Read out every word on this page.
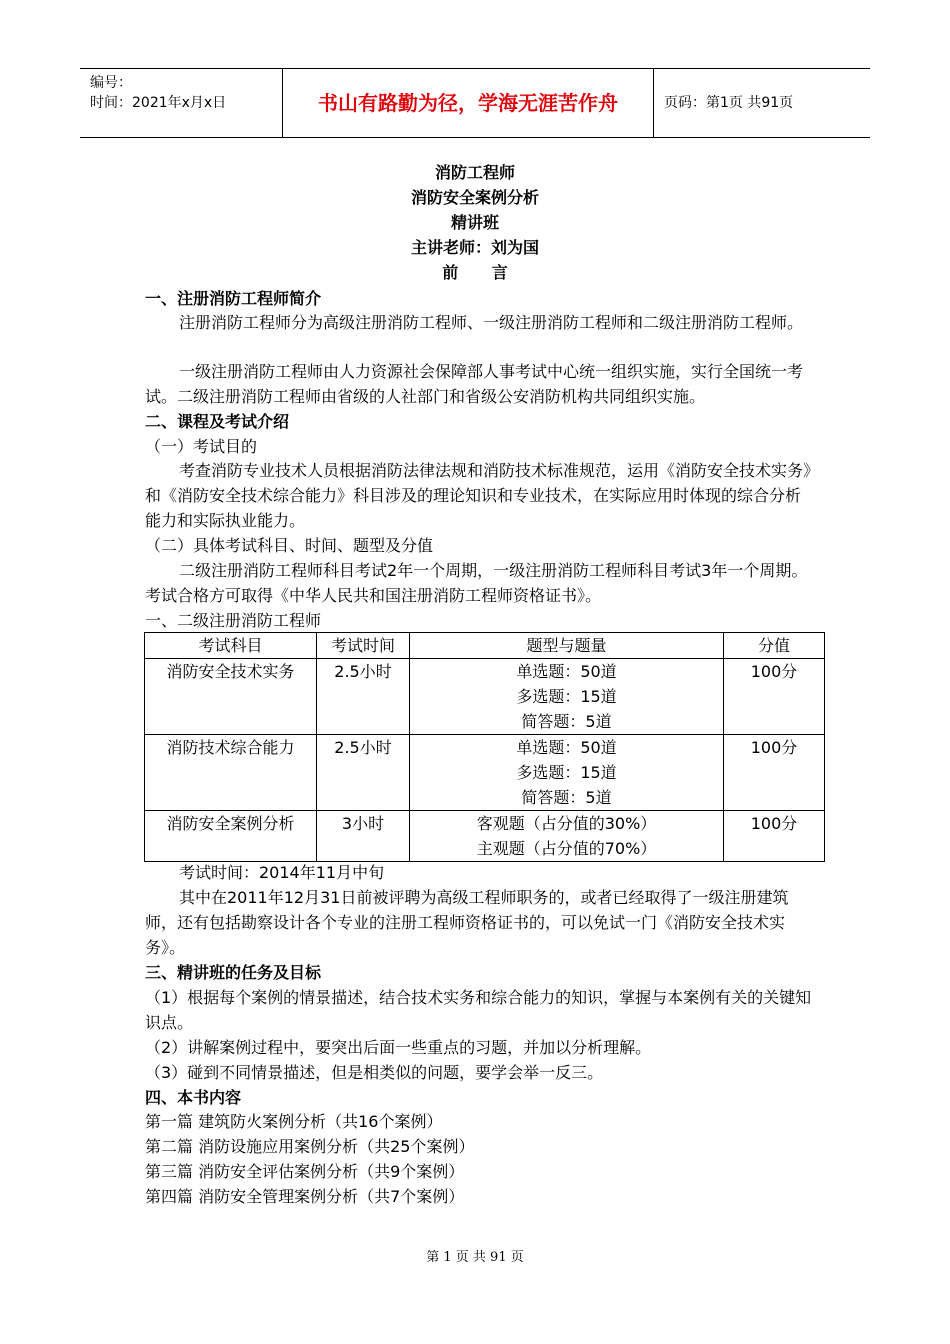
编号：
时间：2021年x月x日	书山有路勤为径，学海无涯苦作舟	页码：第1页 共91页
消防工程师
消防安全案例分析
精讲班
主讲老师：刘为国
前      言
一、注册消防工程师简介
注册消防工程师分为高级注册消防工程师、一级注册消防工程师和二级注册消防工程师。
一级注册消防工程师由人力资源社会保障部人事考试中心统一组织实施，实行全国统一考试。二级注册消防工程师由省级的人社部门和省级公安消防机构共同组织实施。
二、课程及考试介绍
（一）考试目的
考查消防专业技术人员根据消防法律法规和消防技术标准规范，运用《消防安全技术实务》和《消防安全技术综合能力》科目涉及的理论知识和专业技术，在实际应用时体现的综合分析能力和实际执业能力。
（二）具体考试科目、时间、题型及分值
二级注册消防工程师科目考试2年一个周期，一级注册消防工程师科目考试3年一个周期。考试合格方可取得《中华人民共和国注册消防工程师资格证书》。
一、二级注册消防工程师
考试科目	考试时间	题型与题量	分值
消防安全技术实务	2.5小时	单选题：50道
多选题：15道
简答题：5道	100分
消防技术综合能力	2.5小时	单选题：50道
多选题：15道
简答题：5道	100分
消防安全案例分析	3小时	客观题（占分值的30%）
主观题（占分值的70%）	100分
考试时间：2014年11月中旬
其中在2011年12月31日前被评聘为高级工程师职务的，或者已经取得了一级注册建筑师，还有包括勘察设计各个专业的注册工程师资格证书的，可以免试一门《消防安全技术实务》。
三、精讲班的任务及目标
（1）根据每个案例的情景描述，结合技术实务和综合能力的知识，掌握与本案例有关的关键知识点。
（2）讲解案例过程中，要突出后面一些重点的习题，并加以分析理解。
（3）碰到不同情景描述，但是相类似的问题，要学会举一反三。
四、本书内容
第一篇 建筑防火案例分析（共16个案例）
第二篇 消防设施应用案例分析（共25个案例）
第三篇 消防安全评估案例分析（共9个案例）
第四篇 消防安全管理案例分析（共7个案例）
第 1 页 共 91 页
